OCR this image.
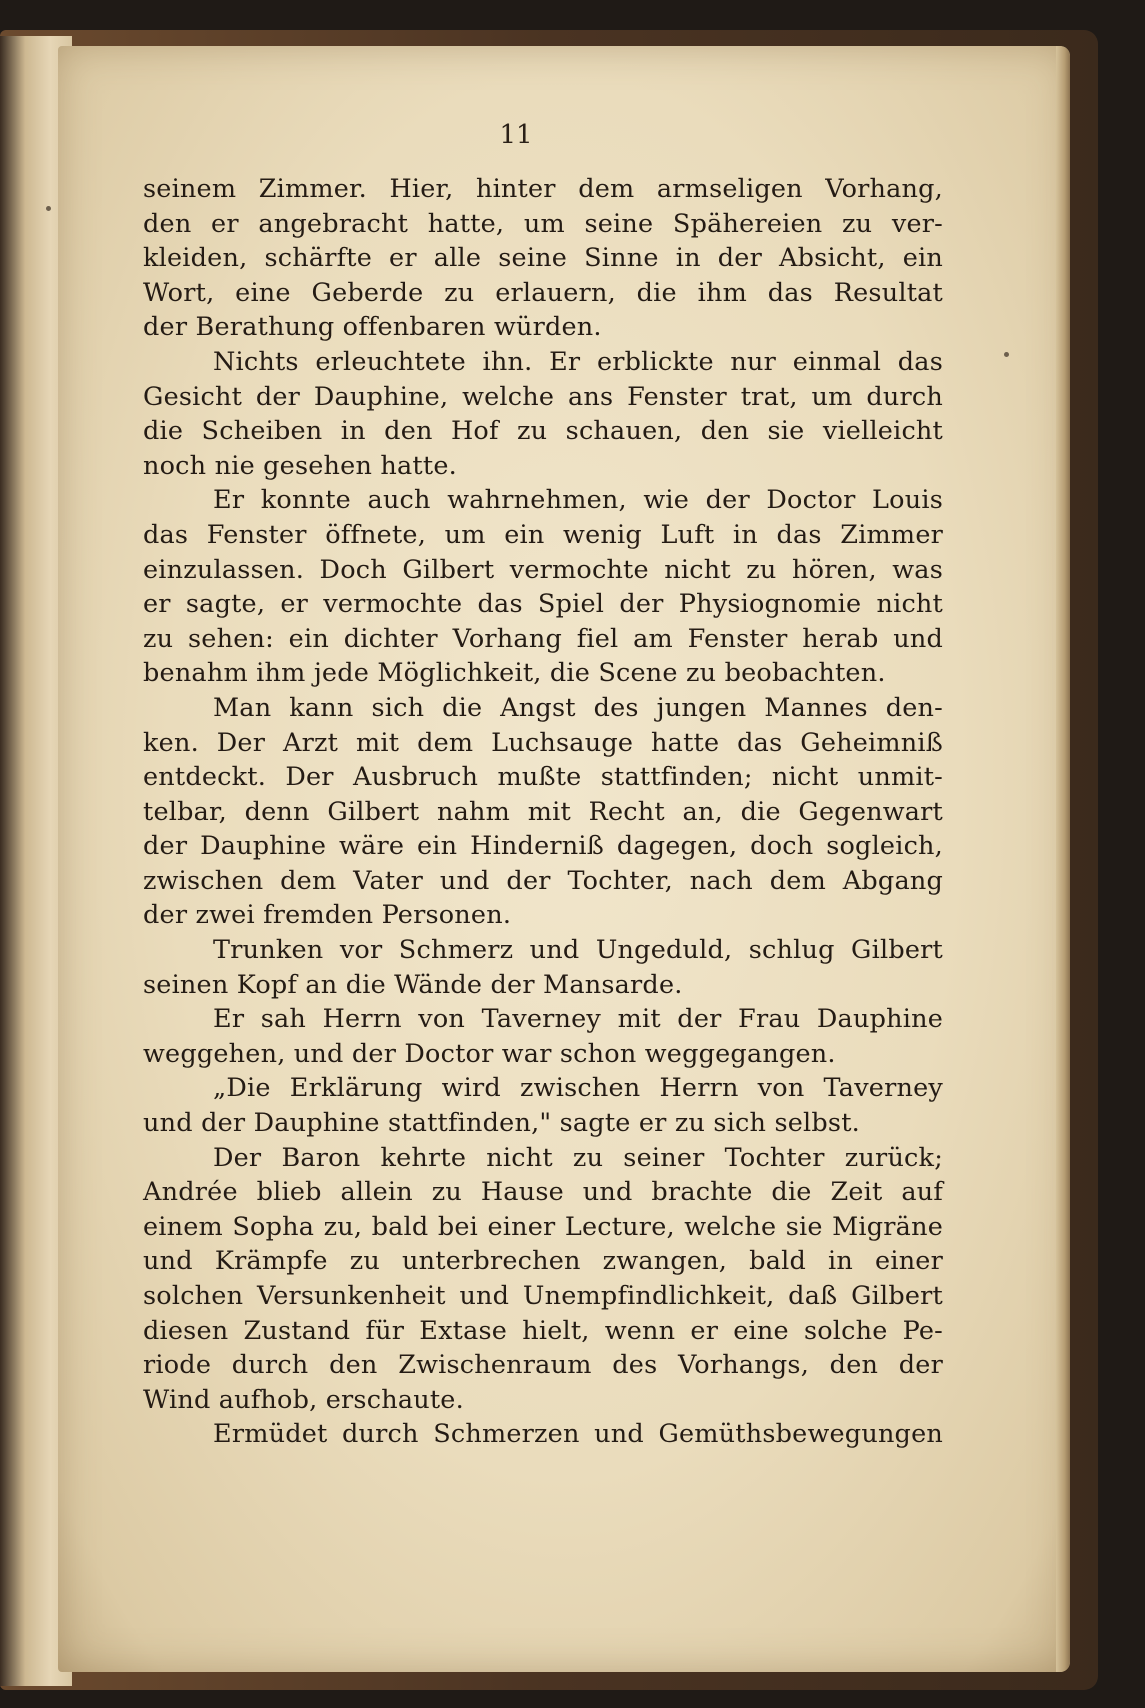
11
seinem Zimmer. Hier, hinter dem armseligen Vorhang,
den er angebracht hatte, um seine Spähereien zu ver-
kleiden, schärfte er alle seine Sinne in der Absicht, ein
Wort, eine Geberde zu erlauern, die ihm das Resultat
der Berathung offenbaren würden.
Nichts erleuchtete ihn. Er erblickte nur einmal das
Gesicht der Dauphine, welche ans Fenster trat, um durch
die Scheiben in den Hof zu schauen, den sie vielleicht
noch nie gesehen hatte.
Er konnte auch wahrnehmen, wie der Doctor Louis
das Fenster öffnete, um ein wenig Luft in das Zimmer
einzulassen. Doch Gilbert vermochte nicht zu hören, was
er sagte, er vermochte das Spiel der Physiognomie nicht
zu sehen: ein dichter Vorhang fiel am Fenster herab und
benahm ihm jede Möglichkeit, die Scene zu beobachten.
Man kann sich die Angst des jungen Mannes den-
ken. Der Arzt mit dem Luchsauge hatte das Geheimniß
entdeckt. Der Ausbruch mußte stattfinden; nicht unmit-
telbar, denn Gilbert nahm mit Recht an, die Gegenwart
der Dauphine wäre ein Hinderniß dagegen, doch sogleich,
zwischen dem Vater und der Tochter, nach dem Abgang
der zwei fremden Personen.
Trunken vor Schmerz und Ungeduld, schlug Gilbert
seinen Kopf an die Wände der Mansarde.
Er sah Herrn von Taverney mit der Frau Dauphine
weggehen, und der Doctor war schon weggegangen.
„Die Erklärung wird zwischen Herrn von Taverney
und der Dauphine stattfinden," sagte er zu sich selbst.
Der Baron kehrte nicht zu seiner Tochter zurück;
Andrée blieb allein zu Hause und brachte die Zeit auf
einem Sopha zu, bald bei einer Lecture, welche sie Migräne
und Krämpfe zu unterbrechen zwangen, bald in einer
solchen Versunkenheit und Unempfindlichkeit, daß Gilbert
diesen Zustand für Extase hielt, wenn er eine solche Pe-
riode durch den Zwischenraum des Vorhangs, den der
Wind aufhob, erschaute.
Ermüdet durch Schmerzen und Gemüthsbewegungen
